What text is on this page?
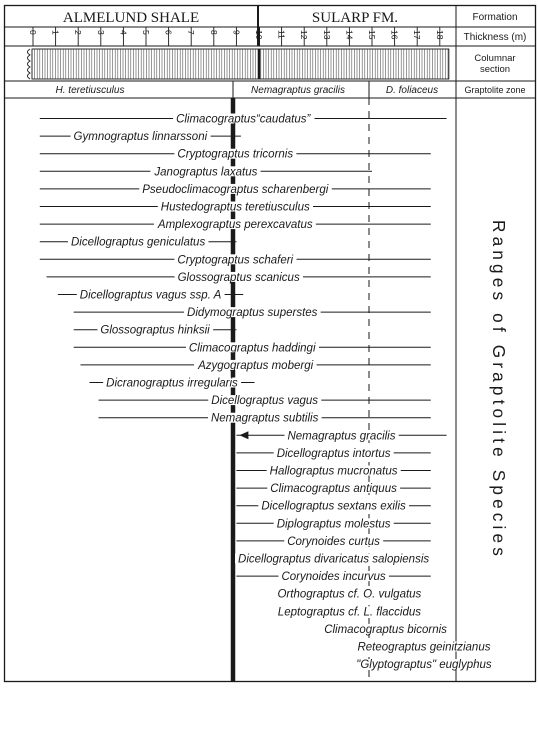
ALMELUND SHALE	SULARP FM.	Formation
Thickness (m)
Columnar
section
Graptolite zone
0 1 2 3 4 5 6 7 8 9 10 11 12 13 14 15 16 17 18
H. teretiusculus	Nemagraptus gracilis	D. foliaceus
Climacograptus“caudatus”
Gymnograptus linnarssoni
Cryptograptus tricornis
Janograptus laxatus
Pseudoclimacograptus scharenbergi
Hustedograptus teretiusculus
Amplexograptus perexcavatus
Dicellograptus geniculatus
Cryptograptus schaferi
Glossograptus scanicus
Dicellograptus vagus ssp. A
Didymograptus superstes
Glossograptus hinksii
Climacograptus haddingi
Azygograptus mobergi
Dicranograptus irregularis
Dicellograptus vagus
Nemagraptus subtilis
Nemagraptus gracilis
Dicellograptus intortus
Hallograptus mucronatus
Climacograptus antiquus
Dicellograptus sextans exilis
Diplograptus molestus
Corynoides curtus
Dicellograptus divaricatus salopiensis
Corynoides incurvus
Orthograptus cf. O. vulgatus
Leptograptus cf. L. flaccidus
Climacograptus bicornis
Reteograptus geinitzianus
"Glyptograptus" euglyphus
Ranges of Graptolite Species
